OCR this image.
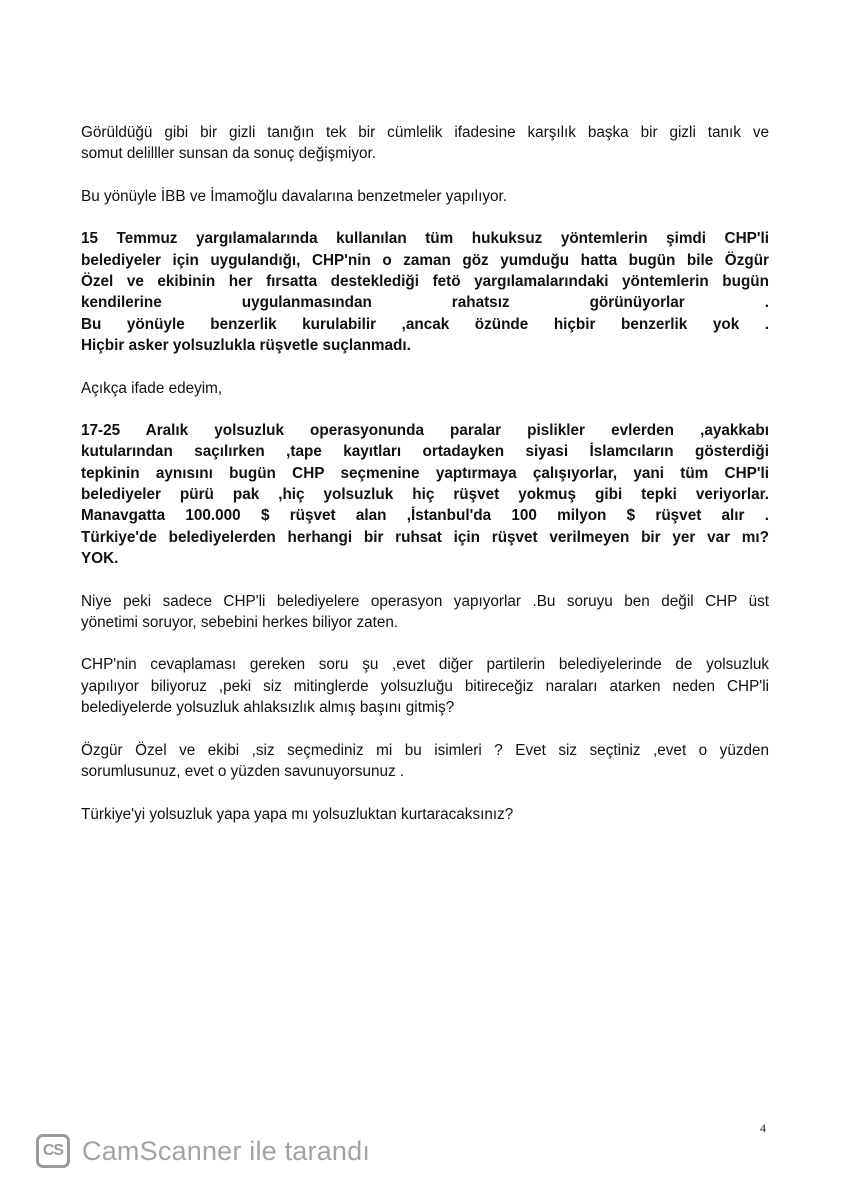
Görüldüğü gibi bir gizli tanığın tek bir cümlelik ifadesine karşılık başka bir gizli tanık ve
somut delilller sunsan da sonuç değişmiyor.
Bu yönüyle İBB ve İmamoğlu davalarına benzetmeler yapılıyor.
15 Temmuz yargılamalarında kullanılan tüm hukuksuz yöntemlerin şimdi CHP'li
belediyeler için uygulandığı, CHP'nin o zaman göz yumduğu hatta bugün bile Özgür
Özel ve ekibinin her fırsatta desteklediği fetö yargılamalarındaki yöntemlerin bugün
kendilerine uygulanmasından rahatsız görünüyorlar .
Bu yönüyle benzerlik kurulabilir ,ancak özünde hiçbir benzerlik yok .
Hiçbir asker yolsuzlukla rüşvetle suçlanmadı.
Açıkça ifade edeyim,
17-25 Aralık yolsuzluk operasyonunda paralar pislikler evlerden ,ayakkabı
kutularından saçılırken ,tape kayıtları ortadayken siyasi İslamcıların gösterdiği
tepkinin aynısını bugün CHP seçmenine yaptırmaya çalışıyorlar, yani tüm CHP'li
belediyeler pürü pak ,hiç yolsuzluk hiç rüşvet yokmuş gibi tepki veriyorlar.
Manavgatta 100.000 $ rüşvet alan ,İstanbul'da 100 milyon $ rüşvet alır .
Türkiye'de belediyelerden herhangi bir ruhsat için rüşvet verilmeyen bir yer var mı?
YOK.
Niye peki sadece CHP'li belediyelere operasyon yapıyorlar .Bu soruyu ben değil CHP üst
yönetimi soruyor, sebebini herkes biliyor zaten.
CHP'nin cevaplaması gereken soru şu ,evet diğer partilerin belediyelerinde de yolsuzluk
yapılıyor biliyoruz ,peki siz mitinglerde yolsuzluğu bitireceğiz naraları atarken neden CHP'li
belediyelerde yolsuzluk ahlaksızlık almış başını gitmiş?
Özgür Özel ve ekibi ,siz seçmediniz mi bu isimleri ? Evet siz seçtiniz ,evet o yüzden
sorumlusunuz, evet o yüzden savunuyorsunuz .
Türkiye'yi yolsuzluk yapa yapa mı yolsuzluktan kurtaracaksınız?
4
CS CamScanner ile tarandı
